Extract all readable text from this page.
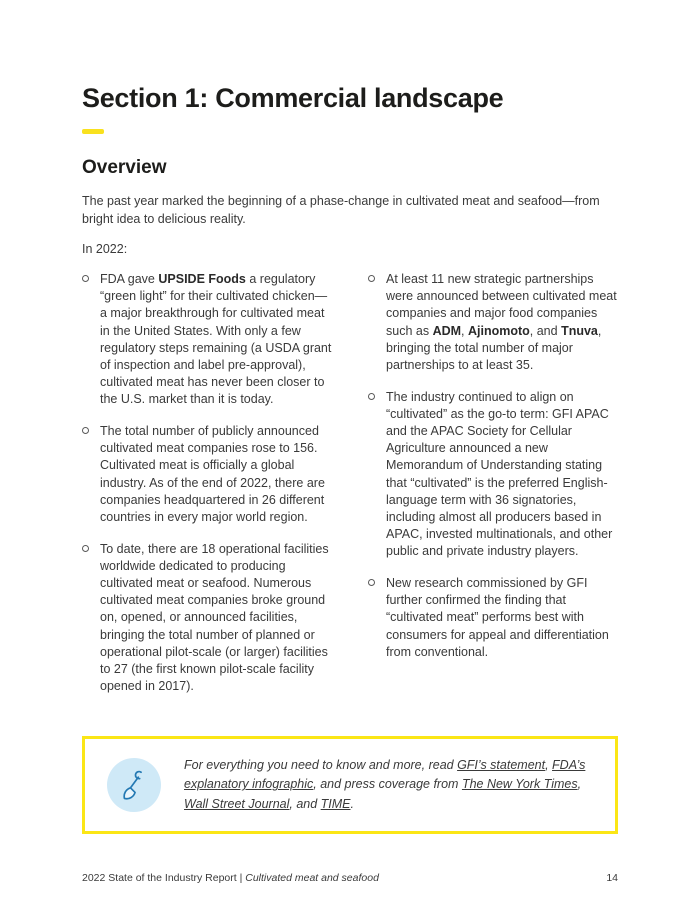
Section 1: Commercial landscape
Overview

The past year marked the beginning of a phase-change in cultivated meat and seafood—from bright idea to delicious reality.

In 2022:

FDA gave UPSIDE Foods a regulatory “green light” for their cultivated chicken—a major breakthrough for cultivated meat in the United States. With only a few regulatory steps remaining (a USDA grant of inspection and label pre-approval), cultivated meat has never been closer to the U.S. market than it is today.
The total number of publicly announced cultivated meat companies rose to 156. Cultivated meat is officially a global industry. As of the end of 2022, there are companies headquartered in 26 different countries in every major world region.
To date, there are 18 operational facilities worldwide dedicated to producing cultivated meat or seafood. Numerous cultivated meat companies broke ground on, opened, or announced facilities, bringing the total number of planned or operational pilot-scale (or larger) facilities to 27 (the first known pilot-scale facility opened in 2017).
At least 11 new strategic partnerships were announced between cultivated meat companies and major food companies such as ADM, Ajinomoto, and Tnuva, bringing the total number of major partnerships to at least 35.
The industry continued to align on “cultivated” as the go-to term: GFI APAC and the APAC Society for Cellular Agriculture announced a new Memorandum of Understanding stating that “cultivated” is the preferred English-language term with 36 signatories, including almost all producers based in APAC, invested multinationals, and other public and private industry players.
New research commissioned by GFI further confirmed the finding that “cultivated meat” performs best with consumers for appeal and differentiation from conventional.
For everything you need to know and more, read GFI’s statement, FDA’s explanatory infographic, and press coverage from The New York Times, Wall Street Journal, and TIME.
2022 State of the Industry Report | Cultivated meat and seafood	14
